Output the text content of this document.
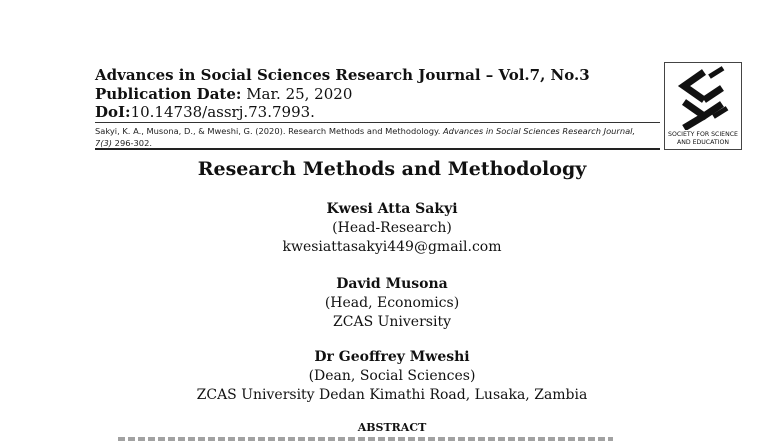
Advances in Social Sciences Research Journal – Vol.7, No.3
Publication Date: Mar. 25, 2020
DoI:10.14738/assrj.73.7993.
Sakyi, K. A., Musona, D., & Mweshi, G. (2020). Research Methods and Methodology. Advances in Social Sciences Research Journal,
7(3) 296-302.
SOCIETY FOR SCIENCE
AND EDUCATION
Research Methods and Methodology
Kwesi Atta Sakyi
(Head-Research)
kwesiattasakyi449@gmail.com
David Musona
(Head, Economics)
ZCAS University
Dr Geoffrey Mweshi
(Dean, Social Sciences)
ZCAS University Dedan Kimathi Road, Lusaka, Zambia
ABSTRACT
